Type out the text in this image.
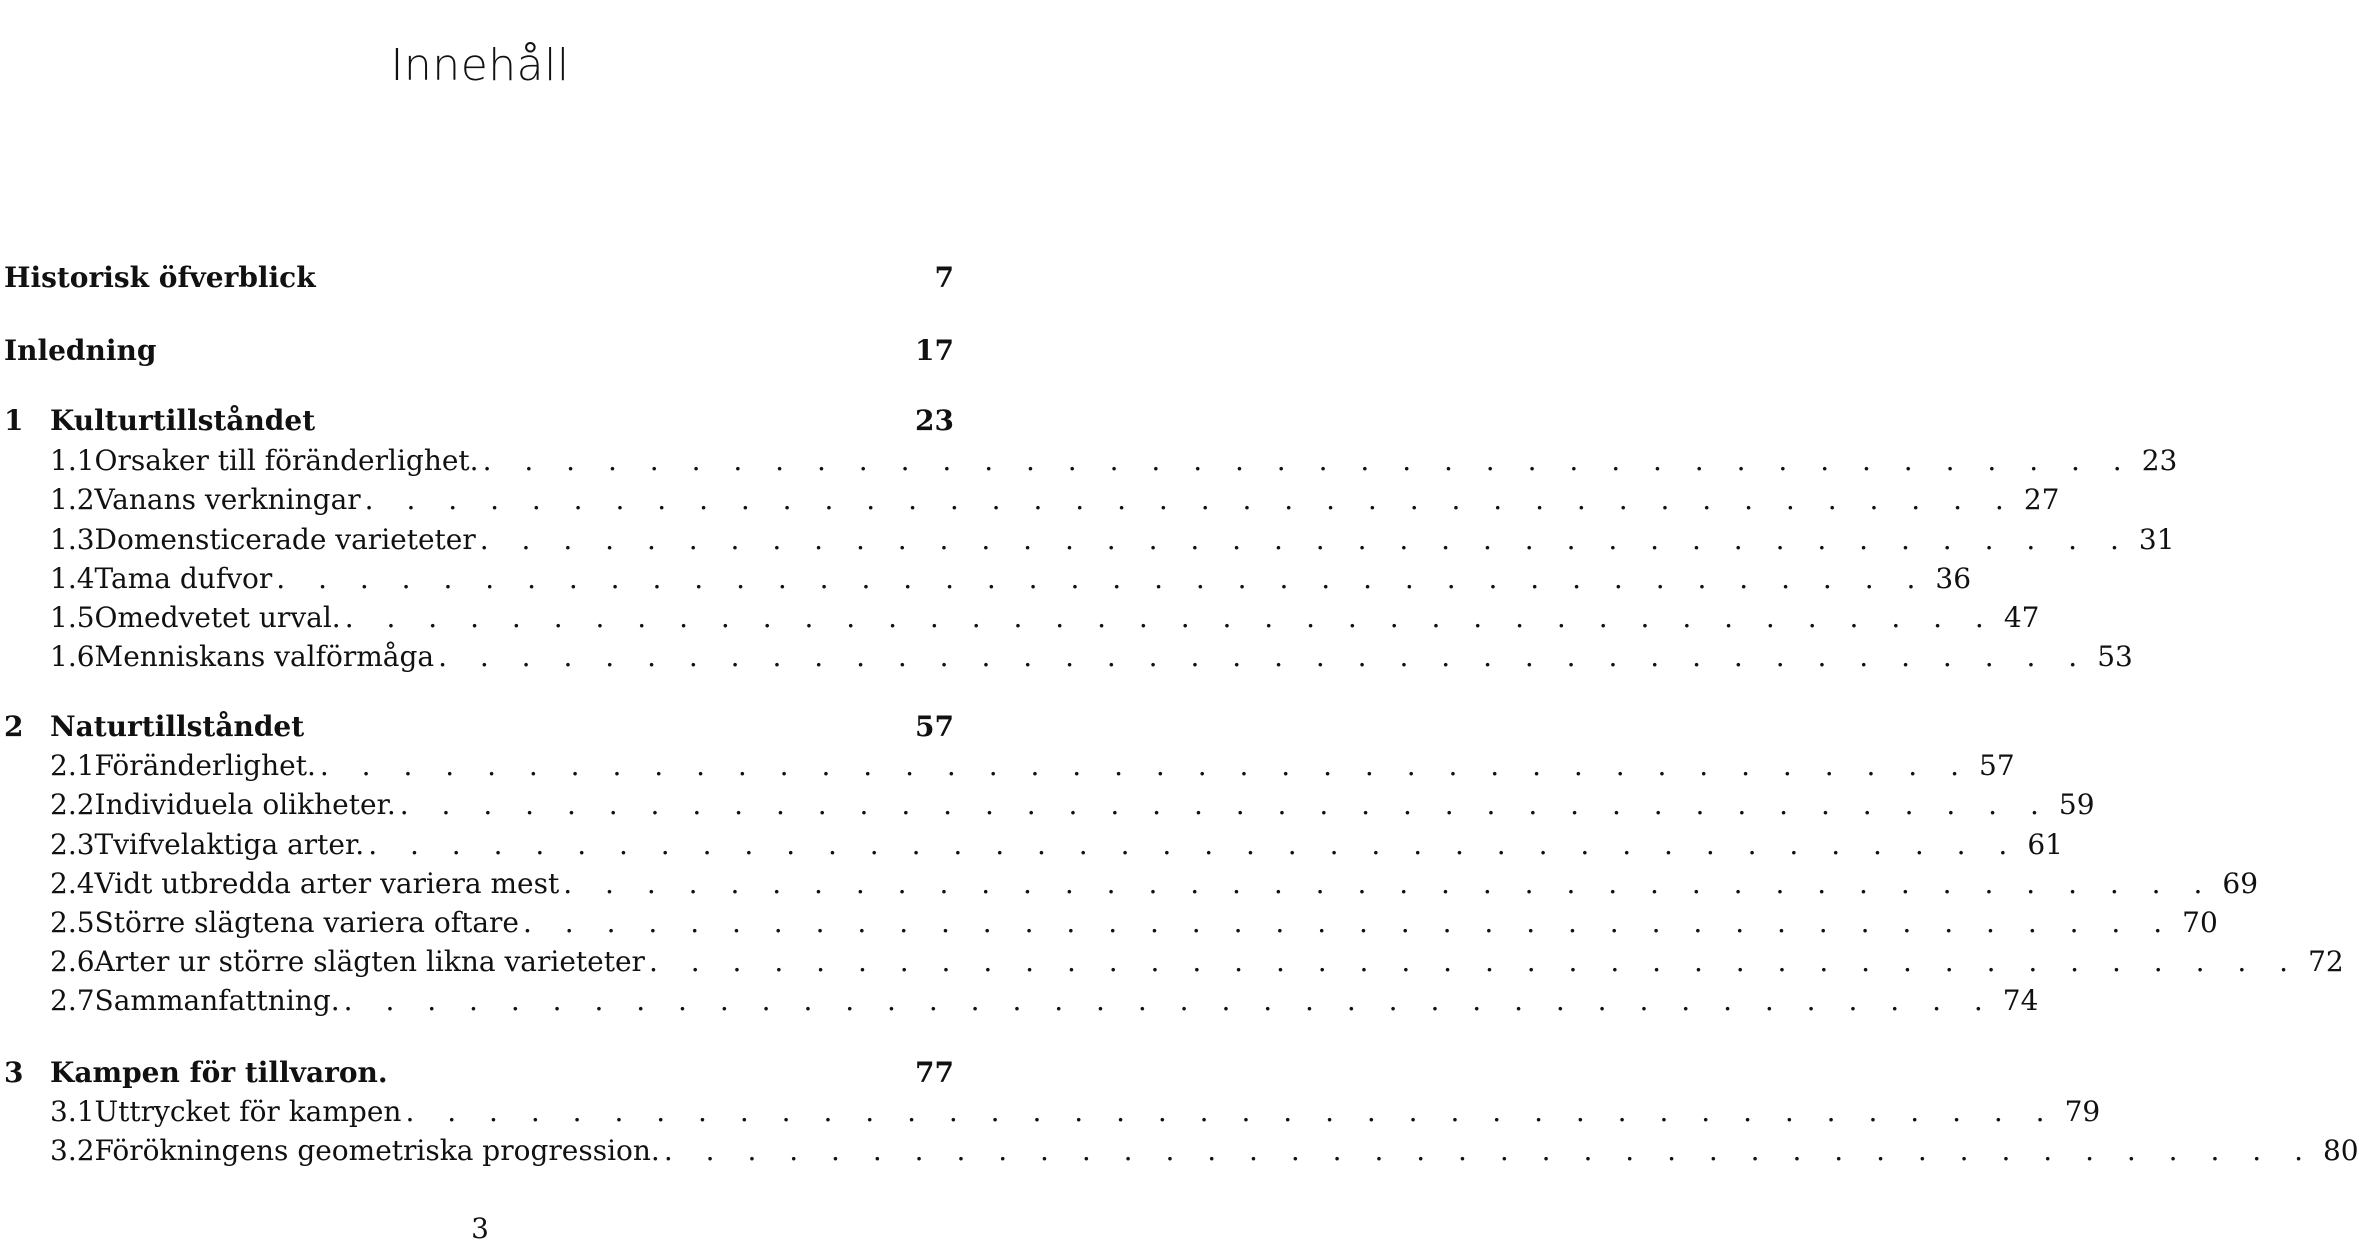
Innehåll
Historisk öfverblick	7
Inledning	17
1 Kulturtillståndet	23
1.1 Orsaker till föränderlighet. . . . . . . . . . . . . . . . . . . . . . . . . . . . . . . . . . . . . . . . . 23
1.2 Vanans verkningar . . . . . . . . . . . . . . . . . . . . . . . . . . . . . . . . . . . . . . . . 27
1.3 Domensticerade varieteter . . . . . . . . . . . . . . . . . . . . . . . . . . . . . . . . . . . . . . . . 31
1.4 Tama dufvor . . . . . . . . . . . . . . . . . . . . . . . . . . . . . . . . . . . . . . . . 36
1.5 Omedvetet urval. . . . . . . . . . . . . . . . . . . . . . . . . . . . . . . . . . . . . . . . . 47
1.6 Menniskans valförmåga . . . . . . . . . . . . . . . . . . . . . . . . . . . . . . . . . . . . . . . . 53
2 Naturtillståndet	57
2.1 Föränderlighet. . . . . . . . . . . . . . . . . . . . . . . . . . . . . . . . . . . . . . . . . 57
2.2 Individuela olikheter. . . . . . . . . . . . . . . . . . . . . . . . . . . . . . . . . . . . . . . . . 59
2.3 Tvifvelaktiga arter. . . . . . . . . . . . . . . . . . . . . . . . . . . . . . . . . . . . . . . . . 61
2.4 Vidt utbredda arter variera mest . . . . . . . . . . . . . . . . . . . . . . . . . . . . . . . . . . . . . . . . 69
2.5 Större slägtena variera oftare . . . . . . . . . . . . . . . . . . . . . . . . . . . . . . . . . . . . . . . . 70
2.6 Arter ur större slägten likna varieteter . . . . . . . . . . . . . . . . . . . . . . . . . . . . . . . . . . . . . . . . 72
2.7 Sammanfattning. . . . . . . . . . . . . . . . . . . . . . . . . . . . . . . . . . . . . . . . . 74
3 Kampen för tillvaron.	77
3.1 Uttrycket för kampen . . . . . . . . . . . . . . . . . . . . . . . . . . . . . . . . . . . . . . . . 79
3.2 Förökningens geometriska progression. . . . . . . . . . . . . . . . . . . . . . . . . . . . . . . . . . . . . . . . . 80
3
